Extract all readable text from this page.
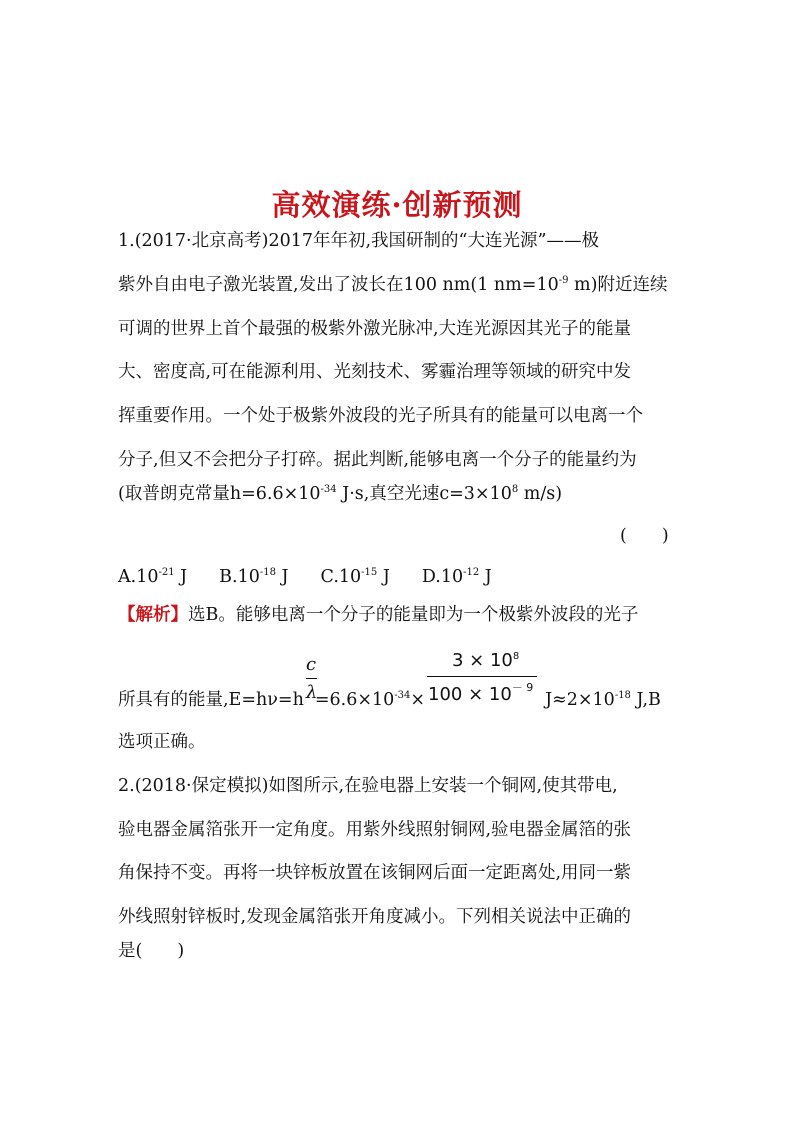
高效演练·创新预测
1.(2017·北京高考)2017年年初,我国研制的“大连光源”——极
紫外自由电子激光装置,发出了波长在100 nm(1 $nm=10^{-9}$ m)附近连续
可调的世界上首个最强的极紫外激光脉冲,大连光源因其光子的能量
大、密度高,可在能源利用、光刻技术、雾霾治理等领域的研究中发
挥重要作用。一个处于极紫外波段的光子所具有的能量可以电离一个
分子,但又不会把分子打碎。据此判断,能够电离一个分子的能量约为
(取普朗克常量$h=6.6\times 10^{-34}$ J·s,真空光速$c=3\times 10^8$ m/s)
(　　)
$A.10^{-21}$ J $B.10^{-18}$ J $C.10^{-15}$ J $D.10^{-12}$ J
【解析】选B。能够电离一个分子的能量即为一个极紫外波段的光子
c
λ
$3 \times 10^8$
$100 \times 10^{- 9}$
所具有的能量$,E=h\nu=h =6.6\times 10^{-34}\times$	$J\approx 2\times 10^{-18}$ J,B
选项正确。
2.(2018·保定模拟)如图所示,在验电器上安装一个铜网,使其带电,
验电器金属箔张开一定角度。用紫外线照射铜网,验电器金属箔的张
角保持不变。再将一块锌板放置在该铜网后面一定距离处,用同一紫
外线照射锌板时,发现金属箔张开角度减小。下列相关说法中正确的
是(　　)
